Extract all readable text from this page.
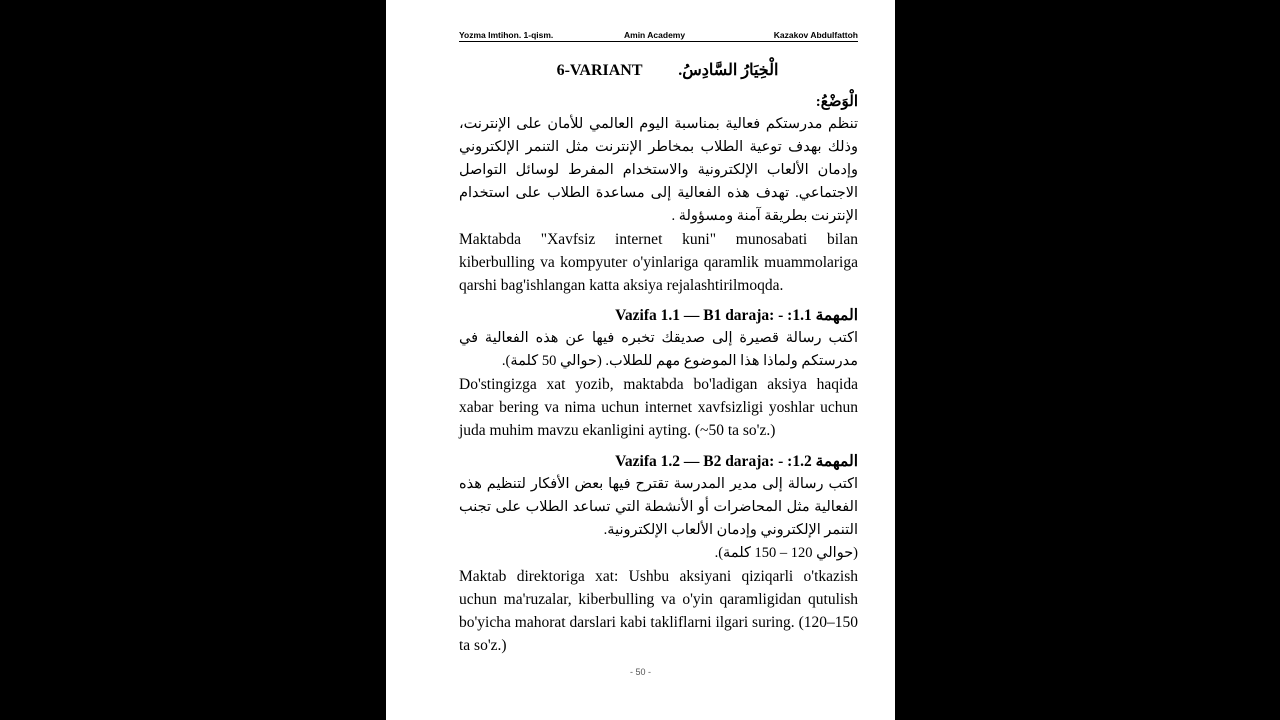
Yozma Imtihon. 1-qism.	Amin Academy	Kazakov Abdulfattoh
6-VARIANT الْخِيَارُ السَّادِسُ.
الْوَضْعُ:
تنظم مدرستكم فعالية بمناسبة اليوم العالمي للأمان على الإنترنت، وذلك بهدف توعية الطلاب بمخاطر الإنترنت مثل التنمر الإلكتروني وإدمان الألعاب الإلكترونية والاستخدام المفرط لوسائل التواصل الاجتماعي. تهدف هذه الفعالية إلى مساعدة الطلاب على استخدام الإنترنت بطريقة آمنة ومسؤولة .
Maktabda "Xavfsiz internet kuni" munosabati bilan kiberbulling va kompyuter o'yinlariga qaramlik muammolariga qarshi bag'ishlangan katta aksiya rejalashtirilmoqda.
Vazifa 1.1 — B1 daraja: - :1.1 المهمة
اكتب رسالة قصيرة إلى صديقك تخبره فيها عن هذه الفعالية في مدرستكم ولماذا هذا الموضوع مهم للطلاب. (حوالي 50 كلمة).
Do'stingizga xat yozib, maktabda bo'ladigan aksiya haqida xabar bering va nima uchun internet xavfsizligi yoshlar uchun juda muhim mavzu ekanligini ayting. (~50 ta so'z.)
Vazifa 1.2 — B2 daraja: - :1.2 المهمة
اكتب رسالة إلى مدير المدرسة تقترح فيها بعض الأفكار لتنظيم هذه الفعالية مثل المحاضرات أو الأنشطة التي تساعد الطلاب على تجنب التنمر الإلكتروني وإدمان الألعاب الإلكترونية.
(حوالي 120 – 150 كلمة).
Maktab direktoriga xat: Ushbu aksiyani qiziqarli o'tkazish uchun ma'ruzalar, kiberbulling va o'yin qaramligidan qutulish bo'yicha mahorat darslari kabi takliflarni ilgari suring. (120–150 ta so'z.)
- 50 -
